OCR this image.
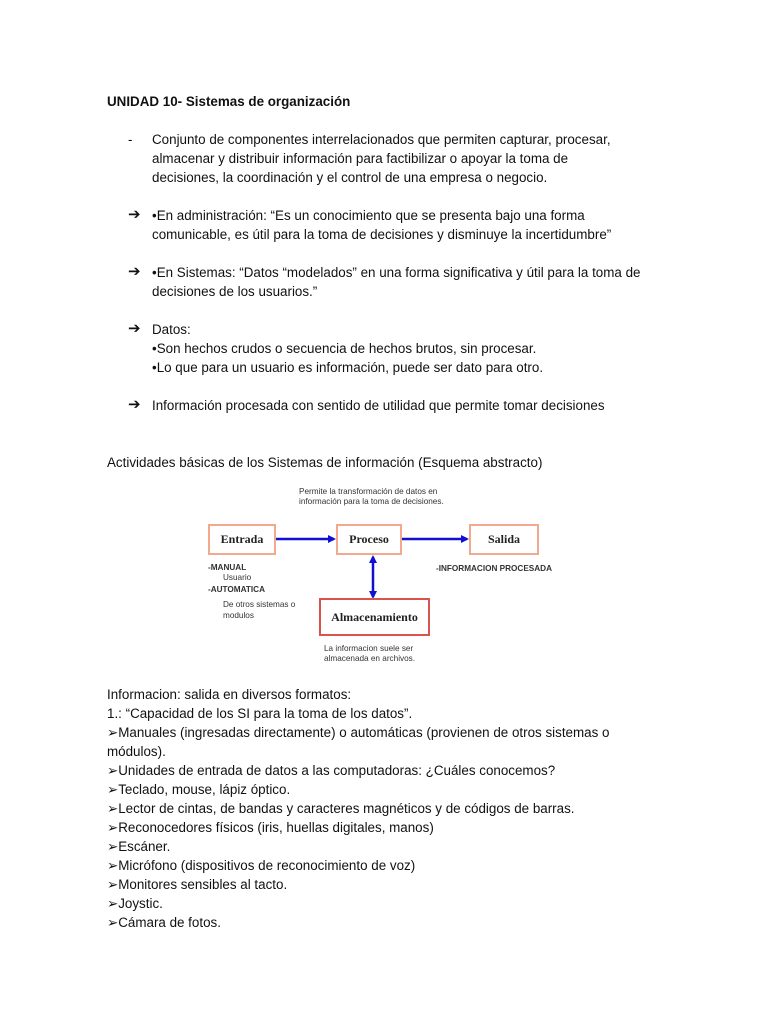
UNIDAD 10- Sistemas de organización
- Conjunto de componentes interrelacionados que permiten capturar, procesar,
almacenar y distribuir información para factibilizar o apoyar la toma de
decisiones, la coordinación y el control de una empresa o negocio.
➔ •En administración: “Es un conocimiento que se presenta bajo una forma
comunicable, es útil para la toma de decisiones y disminuye la incertidumbre”
➔ •En Sistemas: “Datos “modelados” en una forma significativa y útil para la toma de
decisiones de los usuarios.”
➔ Datos:
•Son hechos crudos o secuencia de hechos brutos, sin procesar.
•Lo que para un usuario es información, puede ser dato para otro.
➔ Información procesada con sentido de utilidad que permite tomar decisiones
Actividades básicas de los Sistemas de información (Esquema abstracto)
Permite la transformación de datos en
información para la toma de decisiones.
Entrada	Proceso	Salida
Almacenamiento
-MANUAL
Usuario
-AUTOMATICA
De otros sistemas o
modulos
-INFORMACION PROCESADA
La informacion suele ser
almacenada en archivos.
Informacion: salida en diversos formatos:
1.: “Capacidad de los SI para la toma de los datos”.
➢Manuales (ingresadas directamente) o automáticas (provienen de otros sistemas o
módulos).
➢Unidades de entrada de datos a las computadoras: ¿Cuáles conocemos?
➢Teclado, mouse, lápiz óptico.
➢Lector de cintas, de bandas y caracteres magnéticos y de códigos de barras.
➢Reconocedores físicos (iris, huellas digitales, manos)
➢Escáner.
➢Micrófono (dispositivos de reconocimiento de voz)
➢Monitores sensibles al tacto.
➢Joystic.
➢Cámara de fotos.
